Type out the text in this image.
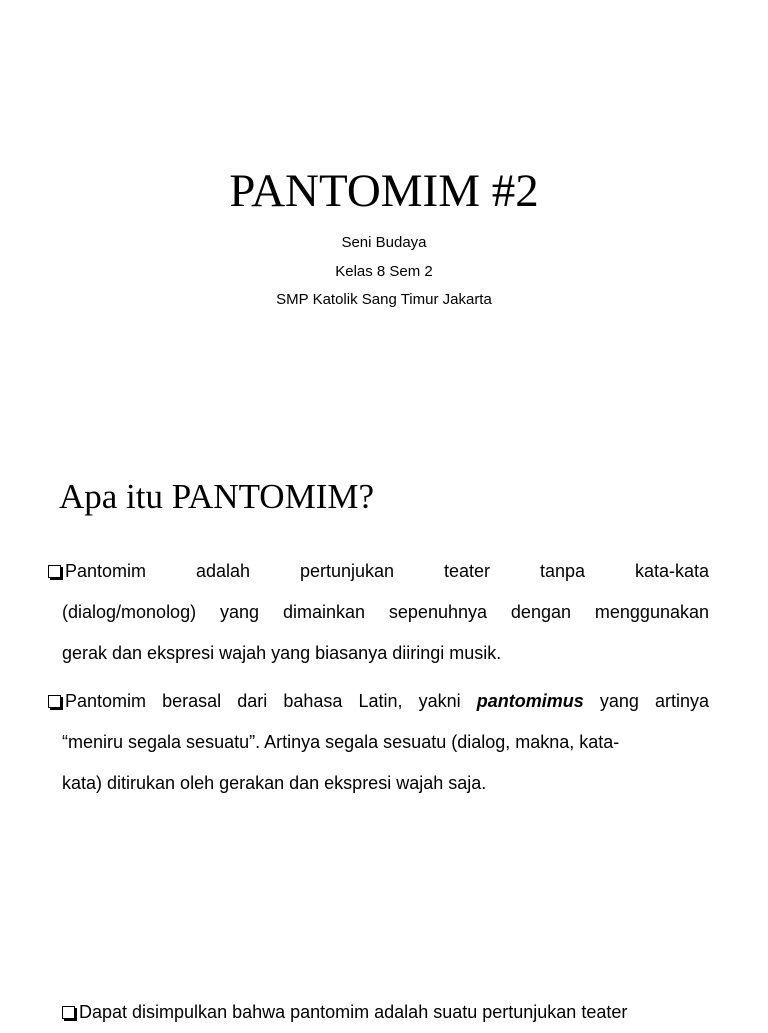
PANTOMIM #2
Seni Budaya
Kelas 8 Sem 2
SMP Katolik Sang Timur Jakarta
Apa itu PANTOMIM?
Pantomim	adalah	pertunjukan	teater	tanpa	kata-kata
(dialog/monolog) yang dimainkan sepenuhnya dengan menggunakan
gerak dan ekspresi wajah yang biasanya diiringi musik.
Pantomim berasal dari bahasa Latin, yakni pantomimus yang artinya
“meniru segala sesuatu”. Artinya segala sesuatu (dialog, makna, kata-
kata) ditirukan oleh gerakan dan ekspresi wajah saja.
Dapat disimpulkan bahwa pantomim adalah suatu pertunjukan teater
